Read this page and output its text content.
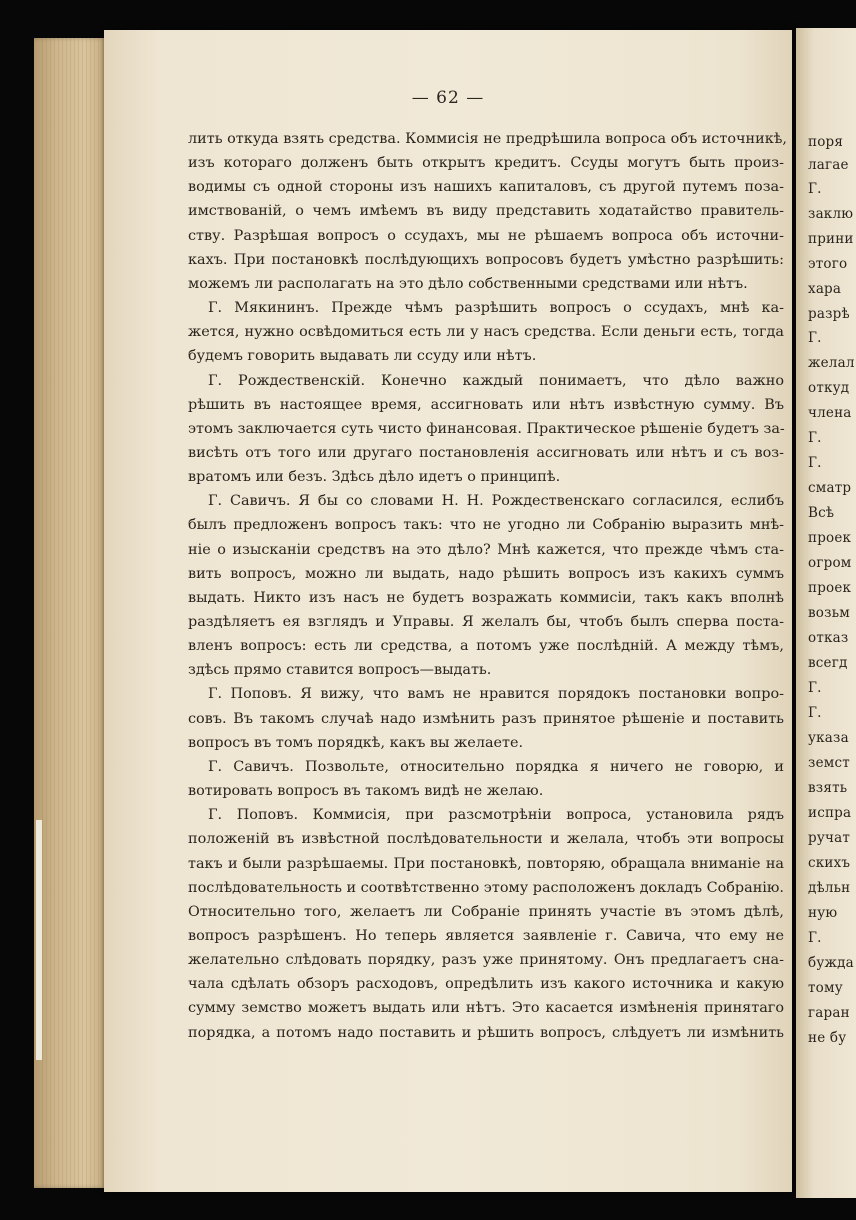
— 62 —
лить откуда взять средства. Коммисія не предрѣшила вопроса объ источникѣ,
изъ котораго долженъ быть открытъ кредитъ. Ссуды могутъ быть произ-
водимы съ одной стороны изъ нашихъ капиталовъ, съ другой путемъ поза-
имствованій, о чемъ имѣемъ въ виду представить ходатайство правитель-
ству. Разрѣшая вопросъ о ссудахъ, мы не рѣшаемъ вопроса объ источни-
кахъ. При постановкѣ послѣдующихъ вопросовъ будетъ умѣстно разрѣшить:
можемъ ли располагать на это дѣло собственными средствами или нѣтъ.
Г. Мякининъ. Прежде чѣмъ разрѣшить вопросъ о ссудахъ, мнѣ ка-
жется, нужно освѣдомиться есть ли у насъ средства. Если деньги есть, тогда
будемъ говорить выдавать ли ссуду или нѣтъ.
Г. Рождественскій. Конечно каждый понимаетъ, что дѣло важно
рѣшить въ настоящее время, ассигновать или нѣтъ извѣстную сумму. Въ
этомъ заключается суть чисто финансовая. Практическое рѣшеніе будетъ за-
висѣть отъ того или другаго постановленія ассигновать или нѣтъ и съ воз-
вратомъ или безъ. Здѣсь дѣло идетъ о принципѣ.
Г. Савичъ. Я бы со словами Н. Н. Рождественскаго согласился, еслибъ
былъ предложенъ вопросъ такъ: что не угодно ли Собранію выразить мнѣ-
ніе о изысканіи средствъ на это дѣло? Мнѣ кажется, что прежде чѣмъ ста-
вить вопросъ, можно ли выдать, надо рѣшить вопросъ изъ какихъ суммъ
выдать. Никто изъ насъ не будетъ возражать коммисіи, такъ какъ вполнѣ
раздѣляетъ ея взглядъ и Управы. Я желалъ бы, чтобъ былъ сперва поста-
вленъ вопросъ: есть ли средства, а потомъ уже послѣдній. А между тѣмъ,
здѣсь прямо ставится вопросъ—выдать.
Г. Поповъ. Я вижу, что вамъ не нравится порядокъ постановки вопро-
совъ. Въ такомъ случаѣ надо измѣнить разъ принятое рѣшеніе и поставить
вопросъ въ томъ порядкѣ, какъ вы желаете.
Г. Савичъ. Позвольте, относительно порядка я ничего не говорю, и
вотировать вопросъ въ такомъ видѣ не желаю.
Г. Поповъ. Коммисія, при разсмотрѣніи вопроса, установила рядъ
положеній въ извѣстной послѣдовательности и желала, чтобъ эти вопросы
такъ и были разрѣшаемы. При постановкѣ, повторяю, обращала вниманіе на
послѣдовательность и соотвѣтственно этому расположенъ докладъ Собранію.
Относительно того, желаетъ ли Собраніе принять участіе въ этомъ дѣлѣ,
вопросъ разрѣшенъ. Но теперь является заявленіе г. Савича, что ему не
желательно слѣдовать порядку, разъ уже принятому. Онъ предлагаетъ сна-
чала сдѣлать обзоръ расходовъ, опредѣлить изъ какого источника и какую
сумму земство можетъ выдать или нѣтъ. Это касается измѣненія принятаго
порядка, а потомъ надо поставить и рѣшить вопросъ, слѣдуетъ ли измѣнить
поря
лагае
Г.
заклю
прини
этого
хара
разрѣ
Г.
желал
откуд
члена
Г.
Г.
сматр
Всѣ
проек
огром
проек
возьм
отказ
всегд
Г.
Г.
указа
земст
взять
испра
ручат
скихъ
дѣльн
ную
Г.
бужда
тому
гаран
не бу
